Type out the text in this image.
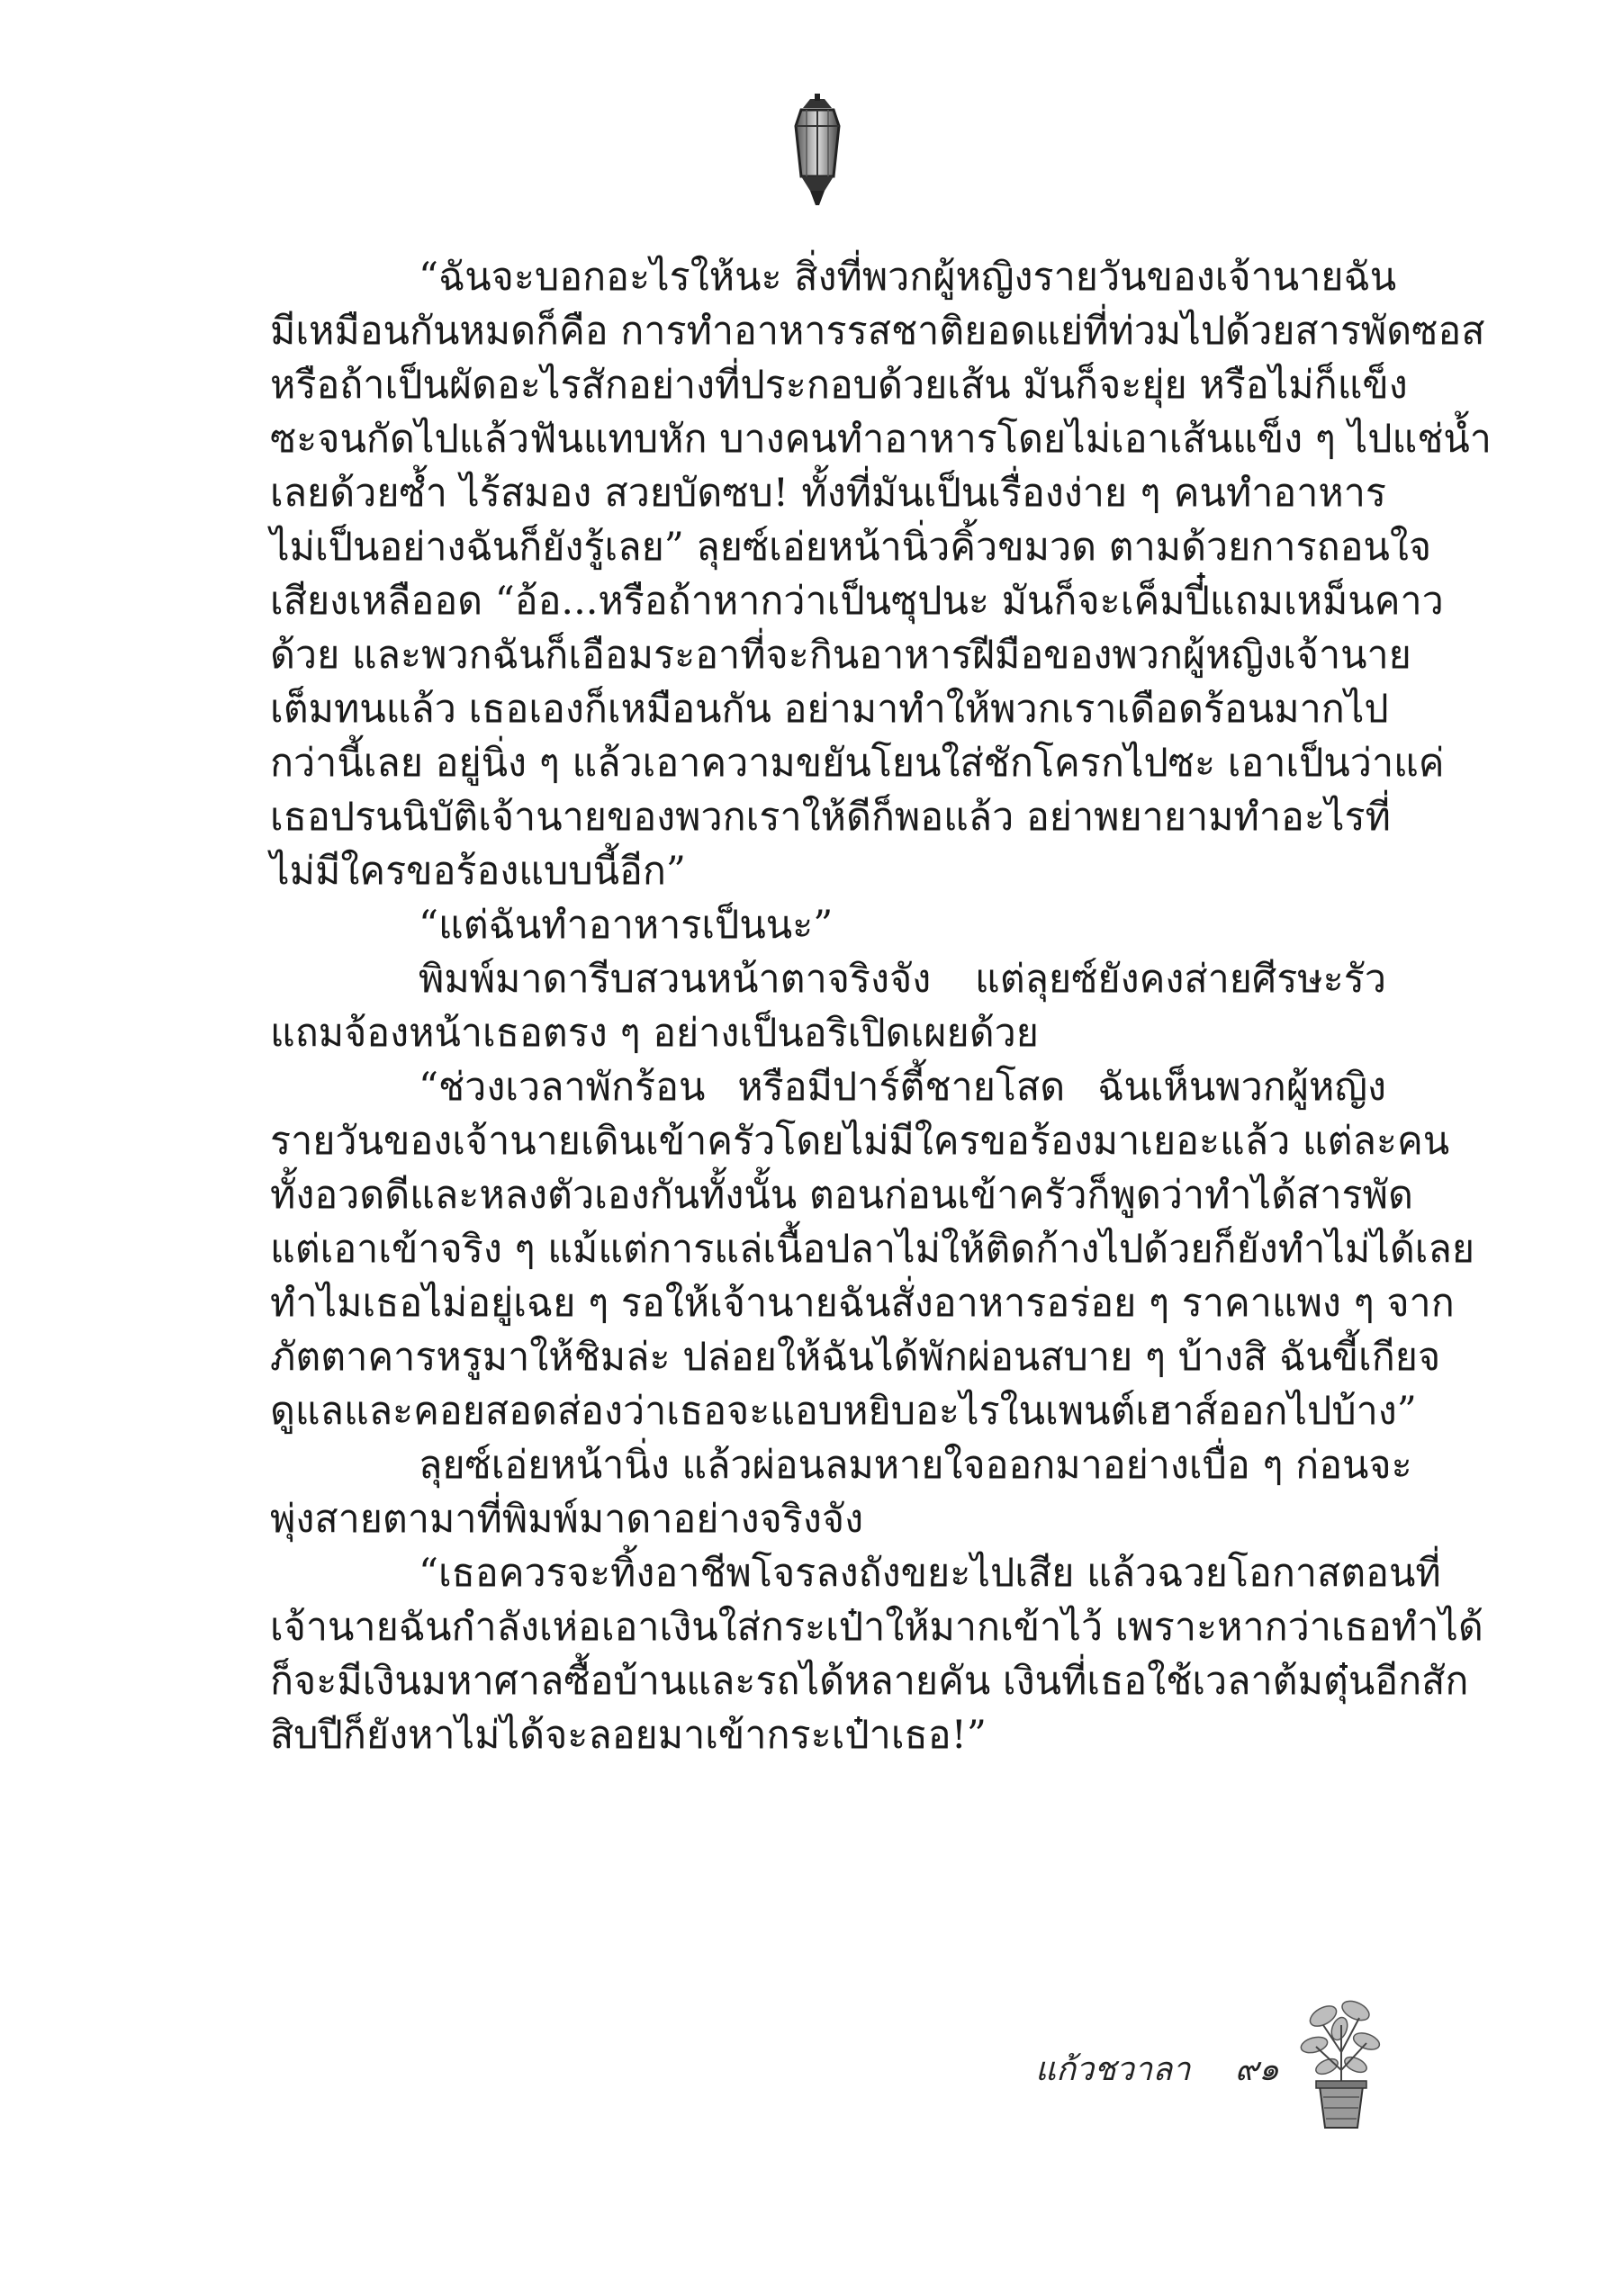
“ฉันจะบอกอะไรให้นะ สิ่งที่พวกผู้หญิงรายวันของเจ้านายฉัน
มีเหมือนกันหมดก็คือ การทำอาหารรสชาติยอดแย่ที่ท่วมไปด้วยสารพัดซอส
หรือถ้าเป็นผัดอะไรสักอย่างที่ประกอบด้วยเส้น มันก็จะยุ่ย หรือไม่ก็แข็ง
ซะจนกัดไปแล้วฟันแทบหัก บางคนทำอาหารโดยไม่เอาเส้นแข็ง ๆ ไปแช่น้ำ
เลยด้วยซ้ำ ไร้สมอง สวยบัดซบ! ทั้งที่มันเป็นเรื่องง่าย ๆ คนทำอาหาร
ไม่เป็นอย่างฉันก็ยังรู้เลย” ลุยซ์เอ่ยหน้านิ่วคิ้วขมวด ตามด้วยการถอนใจ
เสียงเหลืออด “อ้อ...หรือถ้าหากว่าเป็นซุปนะ มันก็จะเค็มปี๋แถมเหม็นคาว
ด้วย และพวกฉันก็เอือมระอาที่จะกินอาหารฝีมือของพวกผู้หญิงเจ้านาย
เต็มทนแล้ว เธอเองก็เหมือนกัน อย่ามาทำให้พวกเราเดือดร้อนมากไป
กว่านี้เลย อยู่นิ่ง ๆ แล้วเอาความขยันโยนใส่ชักโครกไปซะ เอาเป็นว่าแค่
เธอปรนนิบัติเจ้านายของพวกเราให้ดีก็พอแล้ว อย่าพยายามทำอะไรที่
ไม่มีใครขอร้องแบบนี้อีก”
“แต่ฉันทำอาหารเป็นนะ”
พิมพ์มาดารีบสวนหน้าตาจริงจัง แต่ลุยซ์ยังคงส่ายศีรษะรัว
แถมจ้องหน้าเธอตรง ๆ อย่างเป็นอริเปิดเผยด้วย
“ช่วงเวลาพักร้อน หรือมีปาร์ตี้ชายโสด ฉันเห็นพวกผู้หญิง
รายวันของเจ้านายเดินเข้าครัวโดยไม่มีใครขอร้องมาเยอะแล้ว แต่ละคน
ทั้งอวดดีและหลงตัวเองกันทั้งนั้น ตอนก่อนเข้าครัวก็พูดว่าทำได้สารพัด
แต่เอาเข้าจริง ๆ แม้แต่การแล่เนื้อปลาไม่ให้ติดก้างไปด้วยก็ยังทำไม่ได้เลย
ทำไมเธอไม่อยู่เฉย ๆ รอให้เจ้านายฉันสั่งอาหารอร่อย ๆ ราคาแพง ๆ จาก
ภัตตาคารหรูมาให้ชิมล่ะ ปล่อยให้ฉันได้พักผ่อนสบาย ๆ บ้างสิ ฉันขี้เกียจ
ดูแลและคอยสอดส่องว่าเธอจะแอบหยิบอะไรในเพนต์เฮาส์ออกไปบ้าง”
ลุยซ์เอ่ยหน้านิ่ง แล้วผ่อนลมหายใจออกมาอย่างเบื่อ ๆ ก่อนจะ
พุ่งสายตามาที่พิมพ์มาดาอย่างจริงจัง
“เธอควรจะทิ้งอาชีพโจรลงถังขยะไปเสีย แล้วฉวยโอกาสตอนที่
เจ้านายฉันกำลังเห่อเอาเงินใส่กระเป๋าให้มากเข้าไว้ เพราะหากว่าเธอทำได้
ก็จะมีเงินมหาศาลซื้อบ้านและรถได้หลายคัน เงินที่เธอใช้เวลาต้มตุ๋นอีกสัก
สิบปีก็ยังหาไม่ได้จะลอยมาเข้ากระเป๋าเธอ!”
แก้วชวาลา ๙๑
